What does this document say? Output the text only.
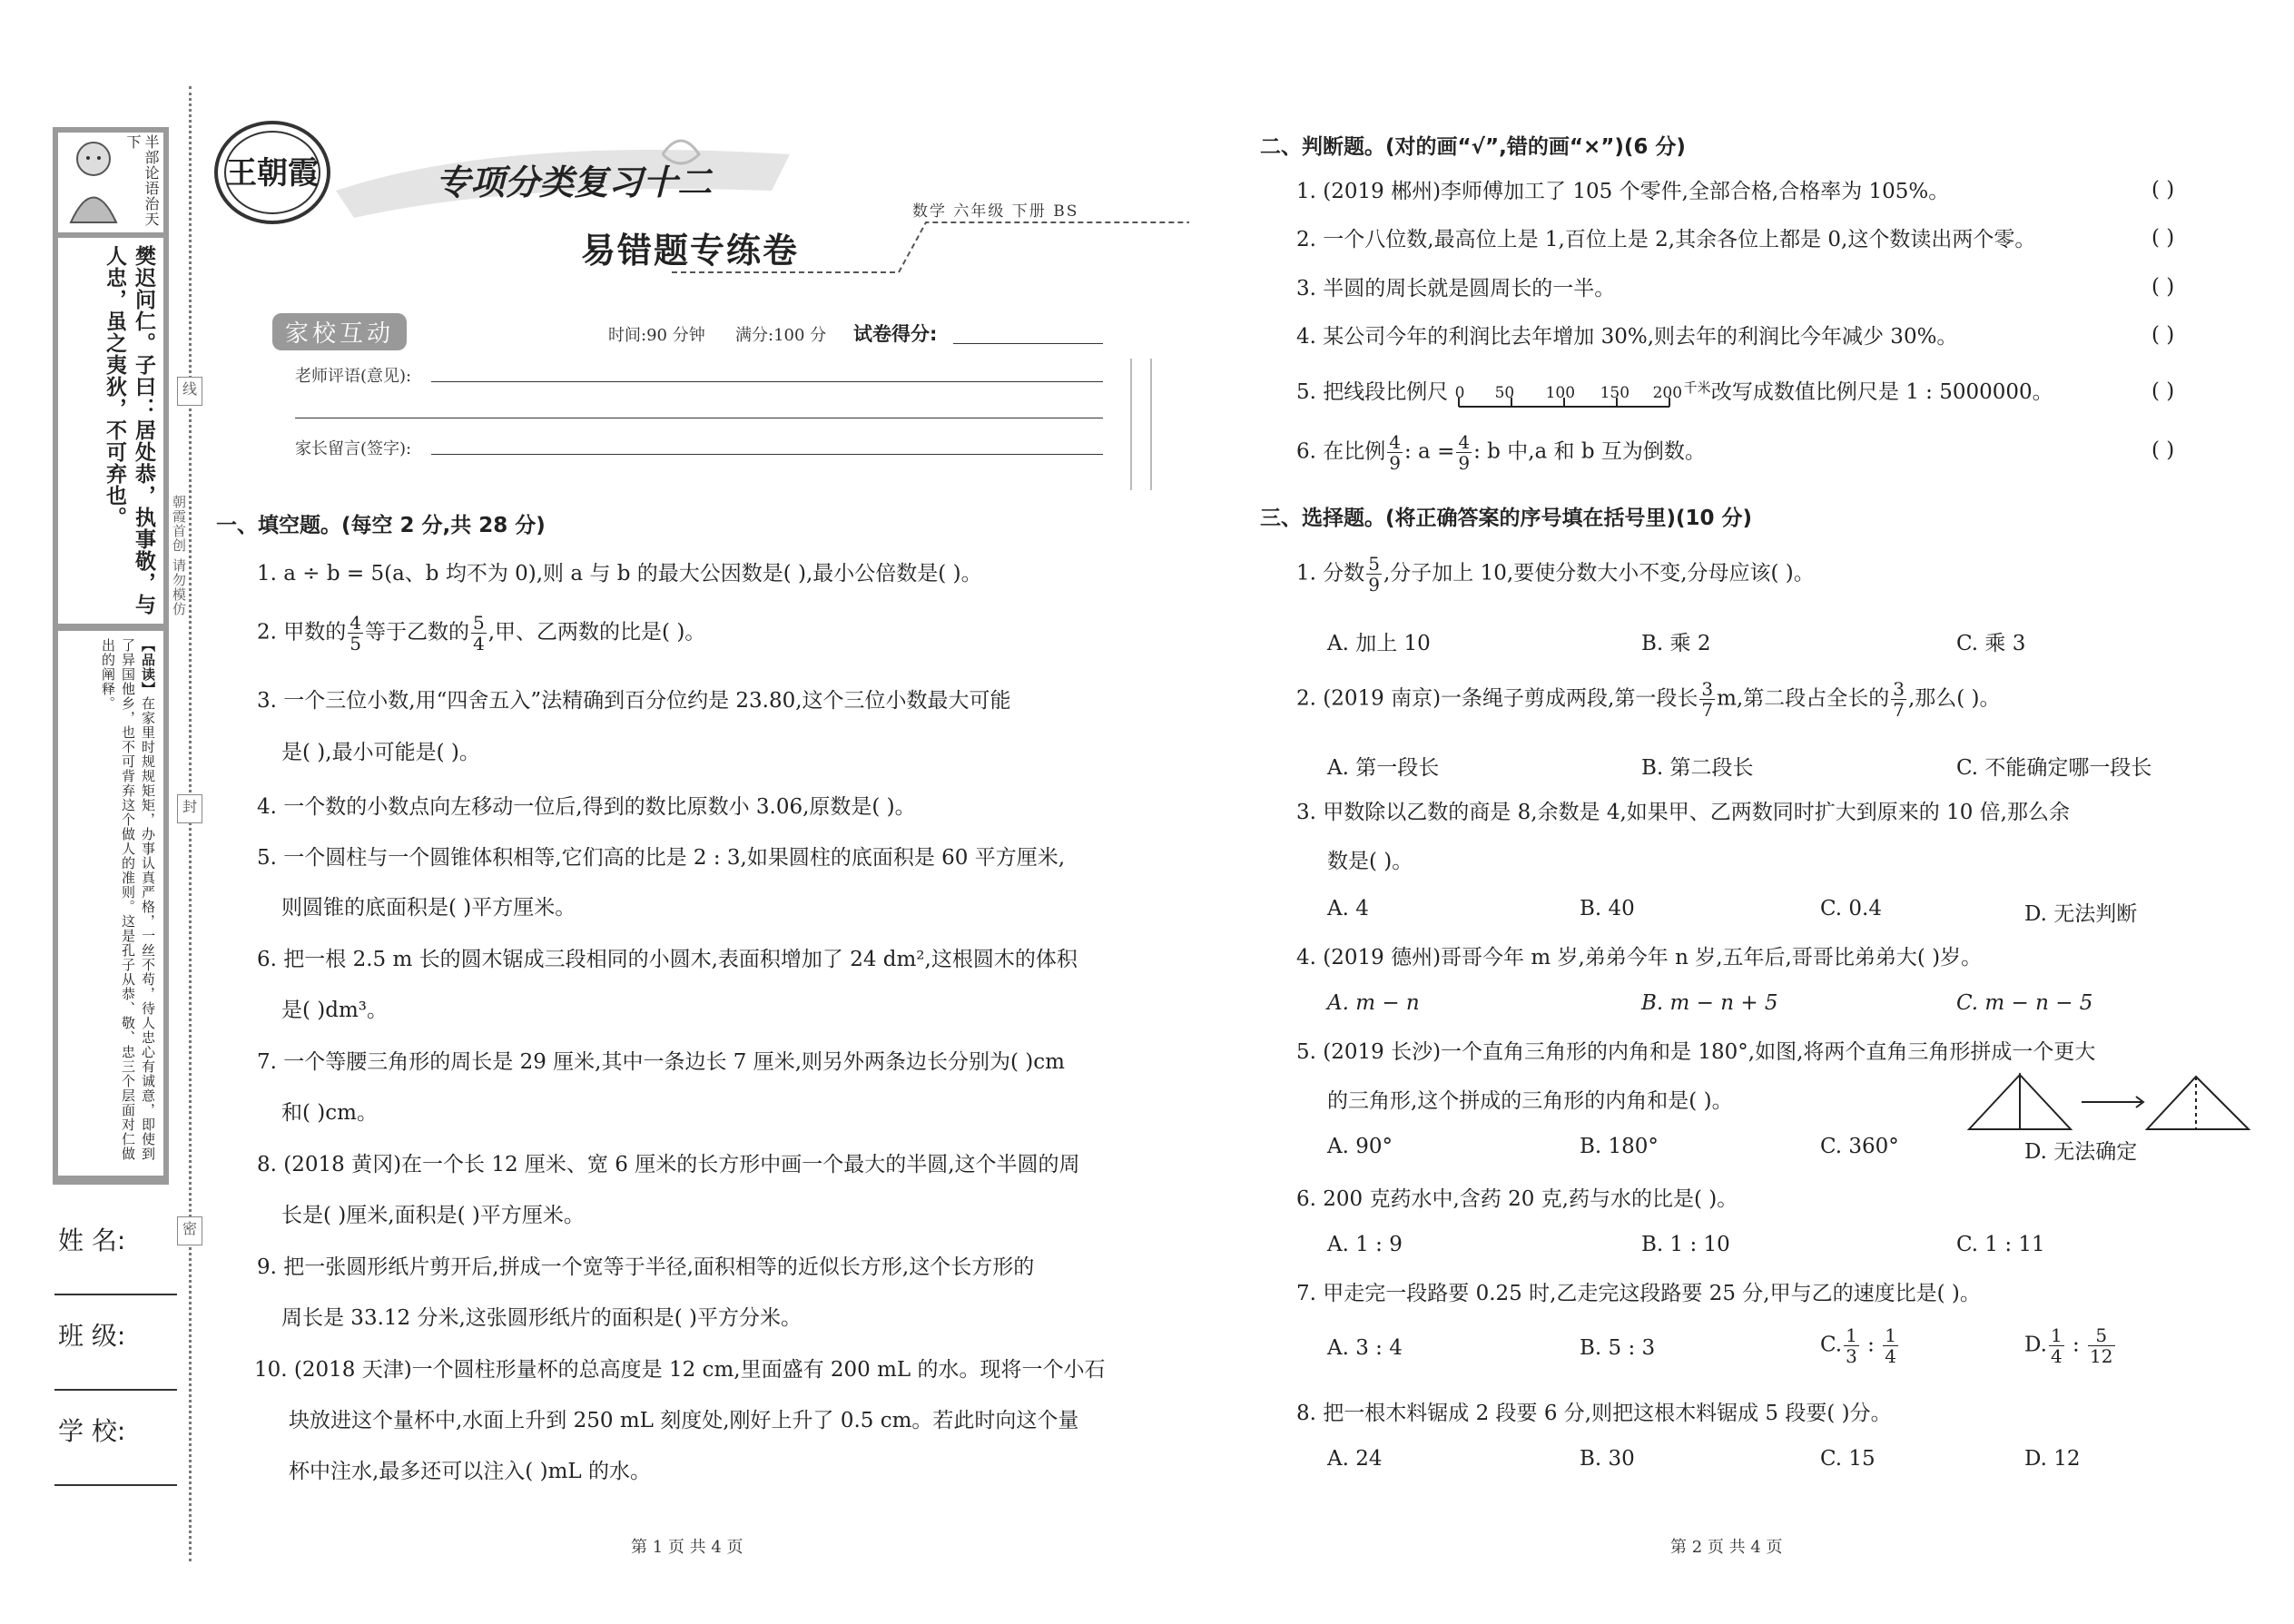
半部论语治天下
樊迟问仁。子曰：居处恭，执事敬，与人忠，虽之夷狄，不可弃也。
【品读】在家里时规规矩矩，办事认真严格，一丝不苟，待人忠心有诚意，即使到了异国他乡，也不可背弃这个做人的准则。这是孔子从恭、敬、忠三个层面对仁做出的阐释。
朝霞首创 请勿模仿
线
封
密
姓 名:
班 级:
学 校:
王朝霞	专项分类复习十二
易错题专练卷
数学 六年级 下册 BS
家校互动	时间:90 分钟 满分:100 分 试卷得分:
老师评语(意见):
家长留言(签字):
一、填空题。(每空 2 分,共 28 分)
1. a ÷ b = 5(a、b 均不为 0),则 a 与 b 的最大公因数是( ),最小公倍数是( )。
2. 甲数的 $\frac{4}{5}$ 等于乙数的 $\frac{5}{4}$ ,甲、乙两数的比是( )。
3. 一个三位小数,用“四舍五入”法精确到百分位约是 23.80,这个三位小数最大可能
是( ),最小可能是( )。
4. 一个数的小数点向左移动一位后,得到的数比原数小 3.06,原数是( )。
5. 一个圆柱与一个圆锥体积相等,它们高的比是 2 : 3,如果圆柱的底面积是 60 平方厘米,
则圆锥的底面积是( )平方厘米。
6. 把一根 2.5 m 长的圆木锯成三段相同的小圆木,表面积增加了 24 dm²,这根圆木的体积
是( )dm³。
7. 一个等腰三角形的周长是 29 厘米,其中一条边长 7 厘米,则另外两条边长分别为( )cm
和( )cm。
8. (2018 黄冈)在一个长 12 厘米、宽 6 厘米的长方形中画一个最大的半圆,这个半圆的周
长是( )厘米,面积是( )平方厘米。
9. 把一张圆形纸片剪开后,拼成一个宽等于半径,面积相等的近似长方形,这个长方形的
周长是 33.12 分米,这张圆形纸片的面积是( )平方分米。
10. (2018 天津)一个圆柱形量杯的总高度是 12 cm,里面盛有 200 mL 的水。现将一个小石
块放进这个量杯中,水面上升到 250 mL 刻度处,刚好上升了 0.5 cm。若此时向这个量
杯中注水,最多还可以注入( )mL 的水。
第 1 页 共 4 页
二、判断题。(对的画“√”,错的画“×”)(6 分)
1. (2019 郴州)李师傅加工了 105 个零件,全部合格,合格率为 105%。	( )
2. 一个八位数,最高位上是 1,百位上是 2,其余各位上都是 0,这个数读出两个零。	( )
3. 半圆的周长就是圆周长的一半。	( )
4. 某公司今年的利润比去年增加 30%,则去年的利润比今年减少 30%。	( )
5. 把线段比例尺 0 50 100 150 200 千米 改写成数值比例尺是 1 : 5000000。	( )
6. 在比例 $\frac{4}{9}$ : $a = \frac{4}{9}$ : b 中,a 和 b 互为倒数。	( )
三、选择题。(将正确答案的序号填在括号里)(10 分)
1. 分数 $\frac{5}{9}$ ,分子加上 10,要使分数大小不变,分母应该( )。
A. 加上 10	B. 乘 2	C. 乘 3
2. (2019 南京)一条绳子剪成两段,第一段长 $\frac{3}{7} m$,第二段占全长的 $\frac{3}{7}$ ,那么( )。
A. 第一段长	B. 第二段长	C. 不能确定哪一段长
3. 甲数除以乙数的商是 8,余数是 4,如果甲、乙两数同时扩大到原来的 10 倍,那么余
数是( )。
A. 4	B. 40	C. 0.4	D. 无法判断
4. (2019 德州)哥哥今年 m 岁,弟弟今年 n 岁,五年后,哥哥比弟弟大( )岁。
A. m − n	B. m − n + 5	C. m − n − 5
5. (2019 长沙)一个直角三角形的内角和是 180°,如图,将两个直角三角形拼成一个更大
的三角形,这个拼成的三角形的内角和是( )。
A. 90°	B. 180°	C. 360°	D. 无法确定
6. 200 克药水中,含药 20 克,药与水的比是( )。
A. 1 : 9	B. 1 : 10	C. 1 : 11
7. 甲走完一段路要 0.25 时,乙走完这段路要 25 分,甲与乙的速度比是( )。
A. 3 : 4	B. 5 : 3	C. $\frac{1}{3}$ : $\frac{1}{4}$	D. $\frac{1}{4}$ : $\frac{5}{12}$
8. 把一根木料锯成 2 段要 6 分,则把这根木料锯成 5 段要( )分。
A. 24	B. 30	C. 15	D. 12
第 2 页 共 4 页
